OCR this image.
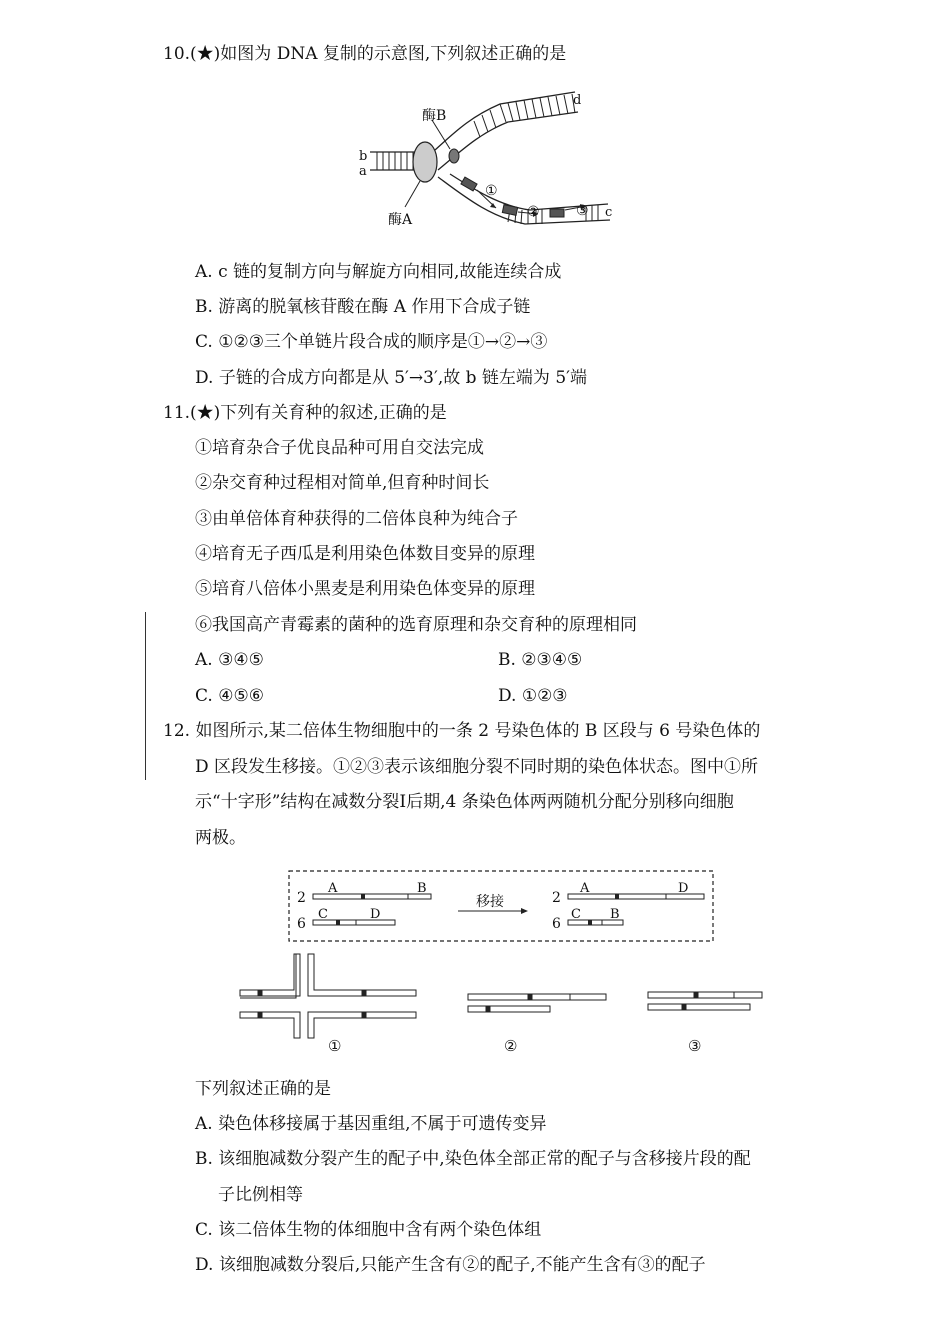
10.(★)如图为 DNA 复制的示意图,下列叙述正确的是
酶B
酶A
b
a
d
c
①
②	③
A. c 链的复制方向与解旋方向相同,故能连续合成
B. 游离的脱氧核苷酸在酶 A 作用下合成子链
C. ①②③三个单链片段合成的顺序是①→②→③
D. 子链的合成方向都是从 5′→3′,故 b 链左端为 5′端
11.(★)下列有关育种的叙述,正确的是
①培育杂合子优良品种可用自交法完成
②杂交育种过程相对简单,但育种时间长
③由单倍体育种获得的二倍体良种为纯合子
④培育无子西瓜是利用染色体数目变异的原理
⑤培育八倍体小黑麦是利用染色体变异的原理
⑥我国高产青霉素的菌种的选育原理和杂交育种的原理相同
A. ③④⑤	B. ②③④⑤
C. ④⑤⑥	D. ①②③
12. 如图所示,某二倍体生物细胞中的一条 2 号染色体的 B 区段与 6 号染色体的
D 区段发生移接。①②③表示该细胞分裂不同时期的染色体状态。图中①所
示“十字形”结构在减数分裂Ⅰ后期,4 条染色体两两随机分配分别移向细胞
两极。
2
6
A	B
C	D
移接	2
6
A	D
C B
①	②	③
下列叙述正确的是
A. 染色体移接属于基因重组,不属于可遗传变异
B. 该细胞减数分裂产生的配子中,染色体全部正常的配子与含移接片段的配
子比例相等
C. 该二倍体生物的体细胞中含有两个染色体组
D. 该细胞减数分裂后,只能产生含有②的配子,不能产生含有③的配子
